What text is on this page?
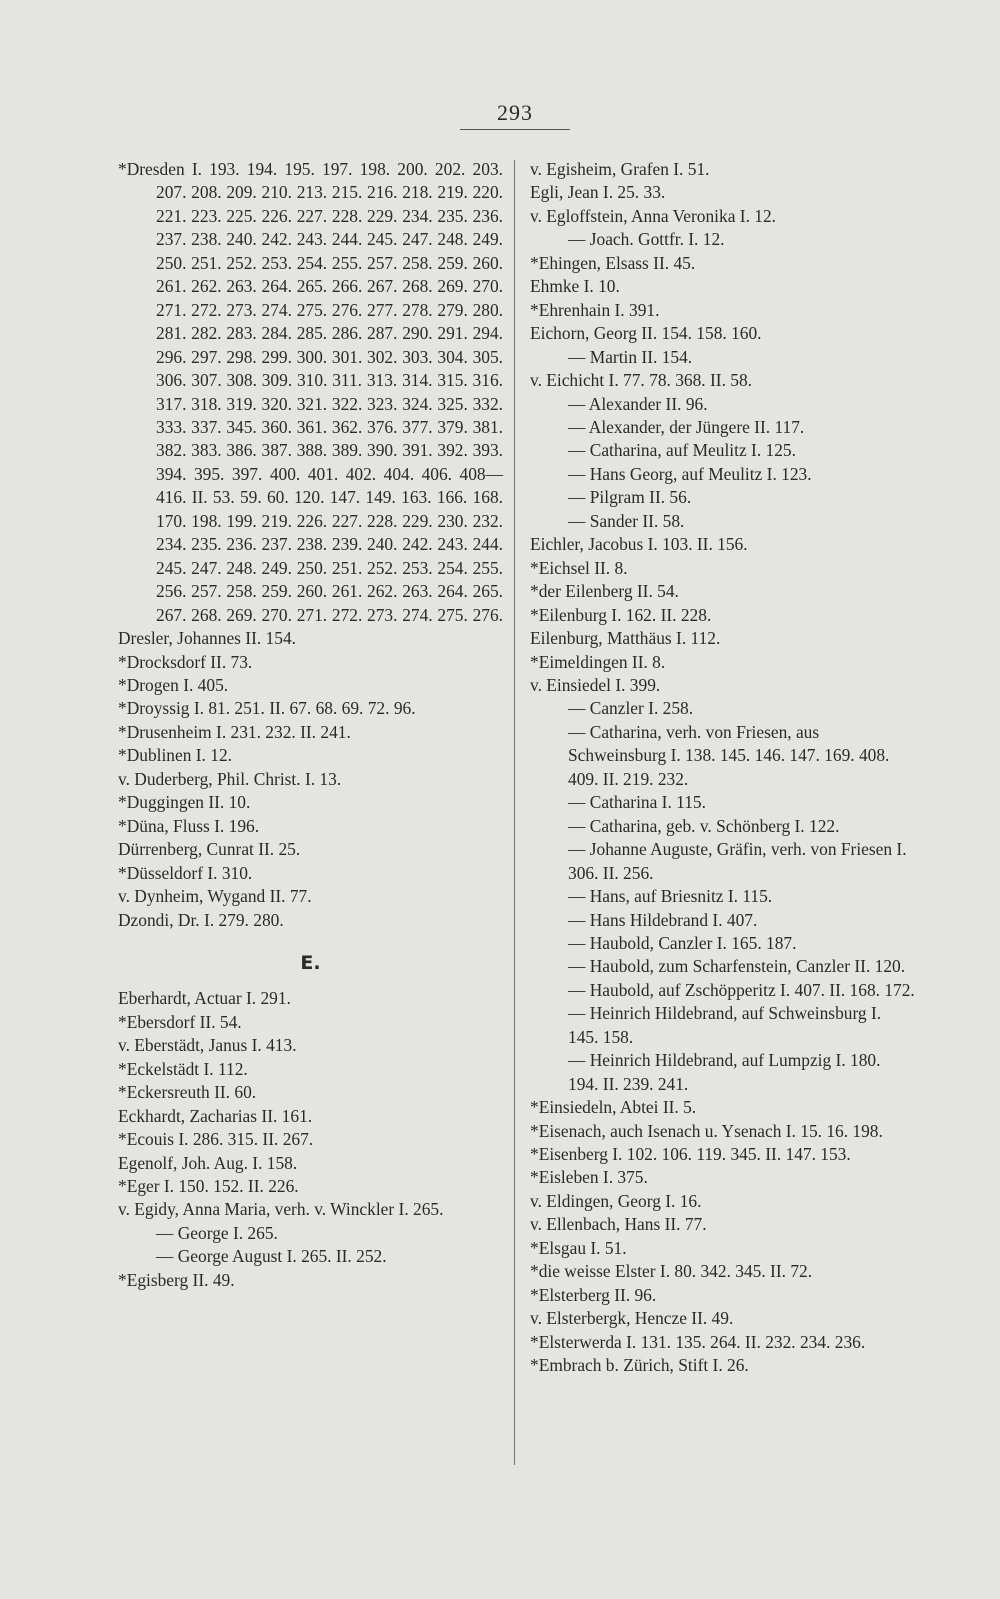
293
*Dresden I. 193. 194. 195. 197. 198. 200. 202. 203. 207. 208. 209. 210. 213. 215. 216. 218. 219. 220. 221. 223. 225. 226. 227. 228. 229. 234. 235. 236. 237. 238. 240. 242. 243. 244. 245. 247. 248. 249. 250. 251. 252. 253. 254. 255. 257. 258. 259. 260. 261. 262. 263. 264. 265. 266. 267. 268. 269. 270. 271. 272. 273. 274. 275. 276. 277. 278. 279. 280. 281. 282. 283. 284. 285. 286. 287. 290. 291. 294. 296. 297. 298. 299. 300. 301. 302. 303. 304. 305. 306. 307. 308. 309. 310. 311. 313. 314. 315. 316. 317. 318. 319. 320. 321. 322. 323. 324. 325. 332. 333. 337. 345. 360. 361. 362. 376. 377. 379. 381. 382. 383. 386. 387. 388. 389. 390. 391. 392. 393. 394. 395. 397. 400. 401. 402. 404. 406. 408—416. II. 53. 59. 60. 120. 147. 149. 163. 166. 168. 170. 198. 199. 219. 226. 227. 228. 229. 230. 232. 234. 235. 236. 237. 238. 239. 240. 242. 243. 244. 245. 247. 248. 249. 250. 251. 252. 253. 254. 255. 256. 257. 258. 259. 260. 261. 262. 263. 264. 265. 267. 268. 269. 270. 271. 272. 273. 274. 275. 276.
Dresler, Johannes II. 154.
*Drocksdorf II. 73.
*Drogen I. 405.
*Droyssig I. 81. 251. II. 67. 68. 69. 72. 96.
*Drusenheim I. 231. 232. II. 241.
*Dublinen I. 12.
v. Duderberg, Phil. Christ. I. 13.
*Duggingen II. 10.
*Düna, Fluss I. 196.
Dürrenberg, Cunrat II. 25.
*Düsseldorf I. 310.
v. Dynheim, Wygand II. 77.
Dzondi, Dr. I. 279. 280.
E.
Eberhardt, Actuar I. 291.
*Ebersdorf II. 54.
v. Eberstädt, Janus I. 413.
*Eckelstädt I. 112.
*Eckersreuth II. 60.
Eckhardt, Zacharias II. 161.
*Ecouis I. 286. 315. II. 267.
Egenolf, Joh. Aug. I. 158.
*Eger I. 150. 152. II. 226.
v. Egidy, Anna Maria, verh. v. Winckler I. 265.
— George I. 265.
— George August I. 265. II. 252.
*Egisberg II. 49.
v. Egisheim, Grafen I. 51.
Egli, Jean I. 25. 33.
v. Egloffstein, Anna Veronika I. 12.
— Joach. Gottfr. I. 12.
*Ehingen, Elsass II. 45.
Ehmke I. 10.
*Ehrenhain I. 391.
Eichorn, Georg II. 154. 158. 160.
— Martin II. 154.
v. Eichicht I. 77. 78. 368. II. 58.
— Alexander II. 96.
— Alexander, der Jüngere II. 117.
— Catharina, auf Meulitz I. 125.
— Hans Georg, auf Meulitz I. 123.
— Pilgram II. 56.
— Sander II. 58.
Eichler, Jacobus I. 103. II. 156.
*Eichsel II. 8.
*der Eilenberg II. 54.
*Eilenburg I. 162. II. 228.
Eilenburg, Matthäus I. 112.
*Eimeldingen II. 8.
v. Einsiedel I. 399.
— Canzler I. 258.
— Catharina, verh. von Friesen, aus Schweinsburg I. 138. 145. 146. 147. 169. 408. 409. II. 219. 232.
— Catharina I. 115.
— Catharina, geb. v. Schönberg I. 122.
— Johanne Auguste, Gräfin, verh. von Friesen I. 306. II. 256.
— Hans, auf Briesnitz I. 115.
— Hans Hildebrand I. 407.
— Haubold, Canzler I. 165. 187.
— Haubold, zum Scharfenstein, Canzler II. 120.
— Haubold, auf Zschöpperitz I. 407. II. 168. 172.
— Heinrich Hildebrand, auf Schweinsburg I. 145. 158.
— Heinrich Hildebrand, auf Lumpzig I. 180. 194. II. 239. 241.
*Einsiedeln, Abtei II. 5.
*Eisenach, auch Isenach u. Ysenach I. 15. 16. 198.
*Eisenberg I. 102. 106. 119. 345. II. 147. 153.
*Eisleben I. 375.
v. Eldingen, Georg I. 16.
v. Ellenbach, Hans II. 77.
*Elsgau I. 51.
*die weisse Elster I. 80. 342. 345. II. 72.
*Elsterberg II. 96.
v. Elsterbergk, Hencze II. 49.
*Elsterwerda I. 131. 135. 264. II. 232. 234. 236.
*Embrach b. Zürich, Stift I. 26.
